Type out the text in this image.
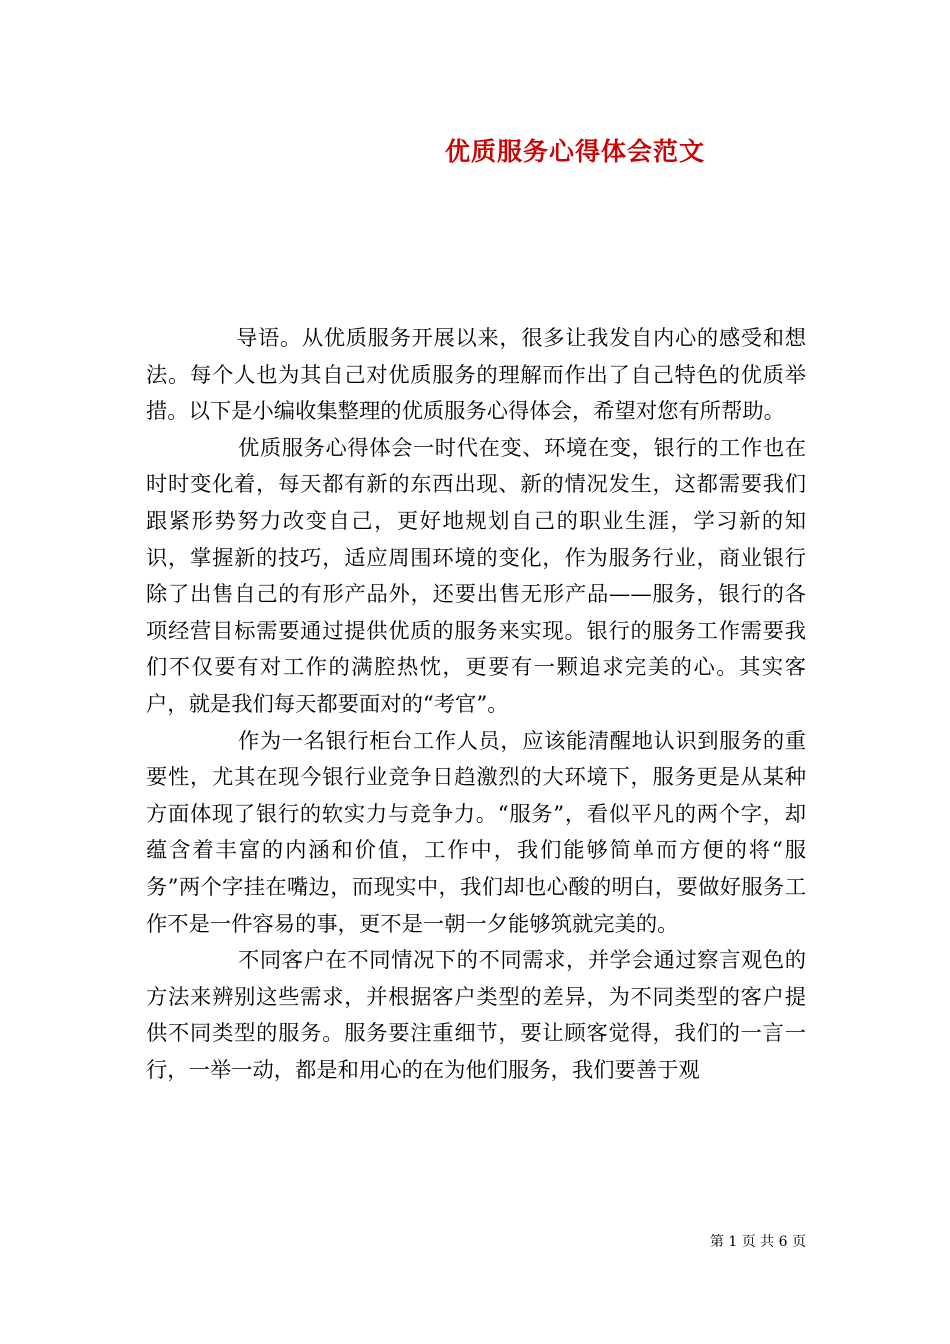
优质服务心得体会范文

导语。从优质服务开展以来，很多让我发自内心的感受和想法。每个人也为其自己对优质服务的理解而作出了自己特色的优质举措。以下是小编收集整理的优质服务心得体会，希望对您有所帮助。

优质服务心得体会一时代在变、环境在变，银行的工作也在时时变化着，每天都有新的东西出现、新的情况发生，这都需要我们跟紧形势努力改变自己，更好地规划自己的职业生涯，学习新的知识，掌握新的技巧，适应周围环境的变化，作为服务行业，商业银行除了出售自己的有形产品外，还要出售无形产品——服务，银行的各项经营目标需要通过提供优质的服务来实现。银行的服务工作需要我们不仅要有对工作的满腔热忱，更要有一颗追求完美的心。其实客户，就是我们每天都要面对的“考官”。

作为一名银行柜台工作人员，应该能清醒地认识到服务的重要性，尤其在现今银行业竞争日趋激烈的大环境下，服务更是从某种方面体现了银行的软实力与竞争力。“服务”，看似平凡的两个字，却蕴含着丰富的内涵和价值，工作中，我们能够简单而方便的将“服务”两个字挂在嘴边，而现实中，我们却也心酸的明白，要做好服务工作不是一件容易的事，更不是一朝一夕能够筑就完美的。

不同客户在不同情况下的不同需求，并学会通过察言观色的方法来辨别这些需求，并根据客户类型的差异，为不同类型的客户提供不同类型的服务。服务要注重细节，要让顾客觉得，我们的一言一行，一举一动，都是和用心的在为他们服务，我们要善于观

第 1 页 共 6 页
